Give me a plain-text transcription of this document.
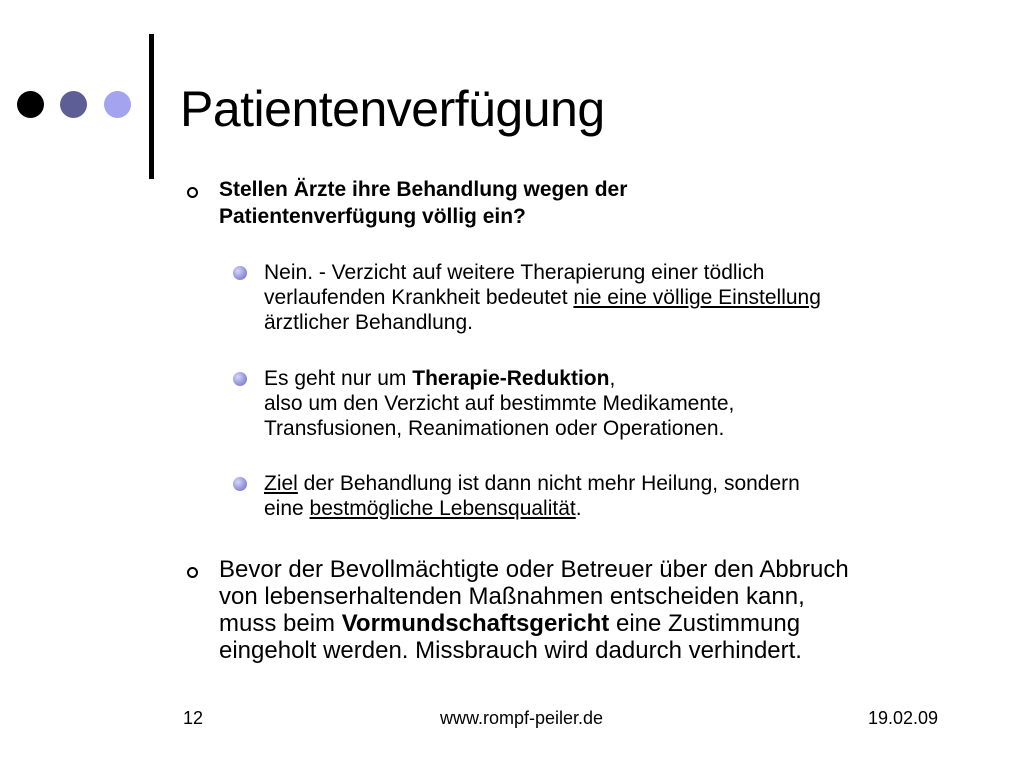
Patientenverfügung
Stellen Ärzte ihre Behandlung wegen der
Patientenverfügung völlig ein?
Nein. - Verzicht auf weitere Therapierung einer tödlich
verlaufenden Krankheit bedeutet nie eine völlige Einstellung
ärztlicher Behandlung.
Es geht nur um Therapie-Reduktion,
also um den Verzicht auf bestimmte Medikamente,
Transfusionen, Reanimationen oder Operationen.
Ziel der Behandlung ist dann nicht mehr Heilung, sondern
eine bestmögliche Lebensqualität.
Bevor der Bevollmächtigte oder Betreuer über den Abbruch
von lebenserhaltenden Maßnahmen entscheiden kann,
muss beim Vormundschaftsgericht eine Zustimmung
eingeholt werden. Missbrauch wird dadurch verhindert.
12	www.rompf-peiler.de	19.02.09
